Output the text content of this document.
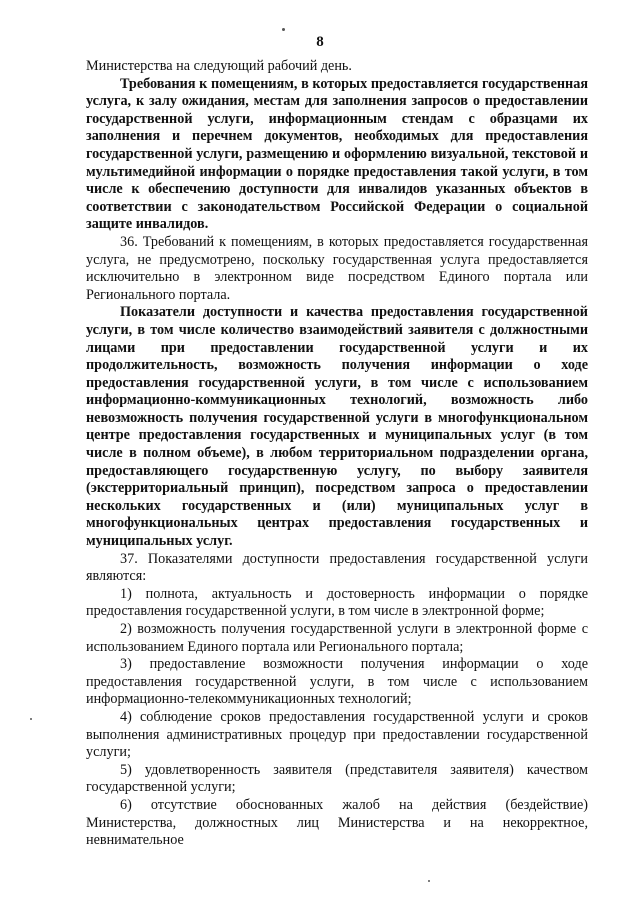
8

Министерства на следующий рабочий день.

Требования к помещениям, в которых предоставляется государственная услуга, к залу ожидания, местам для заполнения запросов о предоставлении государственной услуги, информационным стендам с образцами их заполнения и перечнем документов, необходимых для предоставления государственной услуги, размещению и оформлению визуальной, текстовой и мультимедийной информации о порядке предоставления такой услуги, в том числе к обеспечению доступности для инвалидов указанных объектов в соответствии с законодательством Российской Федерации о социальной защите инвалидов.

36. Требований к помещениям, в которых предоставляется государственная услуга, не предусмотрено, поскольку государственная услуга предоставляется исключительно в электронном виде посредством Единого портала или Регионального портала.

Показатели доступности и качества предоставления государственной услуги, в том числе количество взаимодействий заявителя с должностными лицами при предоставлении государственной услуги и их продолжительность, возможность получения информации о ходе предоставления государственной услуги, в том числе с использованием информационно-коммуникационных технологий, возможность либо невозможность получения государственной услуги в многофункциональном центре предоставления государственных и муниципальных услуг (в том числе в полном объеме), в любом территориальном подразделении органа, предоставляющего государственную услугу, по выбору заявителя (экстерриториальный принцип), посредством запроса о предоставлении нескольких государственных и (или) муниципальных услуг в многофункциональных центрах предоставления государственных и муниципальных услуг.

37. Показателями доступности предоставления государственной услуги являются:

1) полнота, актуальность и достоверность информации о порядке предоставления государственной услуги, в том числе в электронной форме;

2) возможность получения государственной услуги в электронной форме с использованием Единого портала или Регионального портала;

3) предоставление возможности получения информации о ходе предоставления государственной услуги, в том числе с использованием информационно-телекоммуникационных технологий;

4) соблюдение сроков предоставления государственной услуги и сроков выполнения административных процедур при предоставлении государственной услуги;

5) удовлетворенность заявителя (представителя заявителя) качеством государственной услуги;

6) отсутствие обоснованных жалоб на действия (бездействие) Министерства, должностных лиц Министерства и на некорректное, невнимательное
